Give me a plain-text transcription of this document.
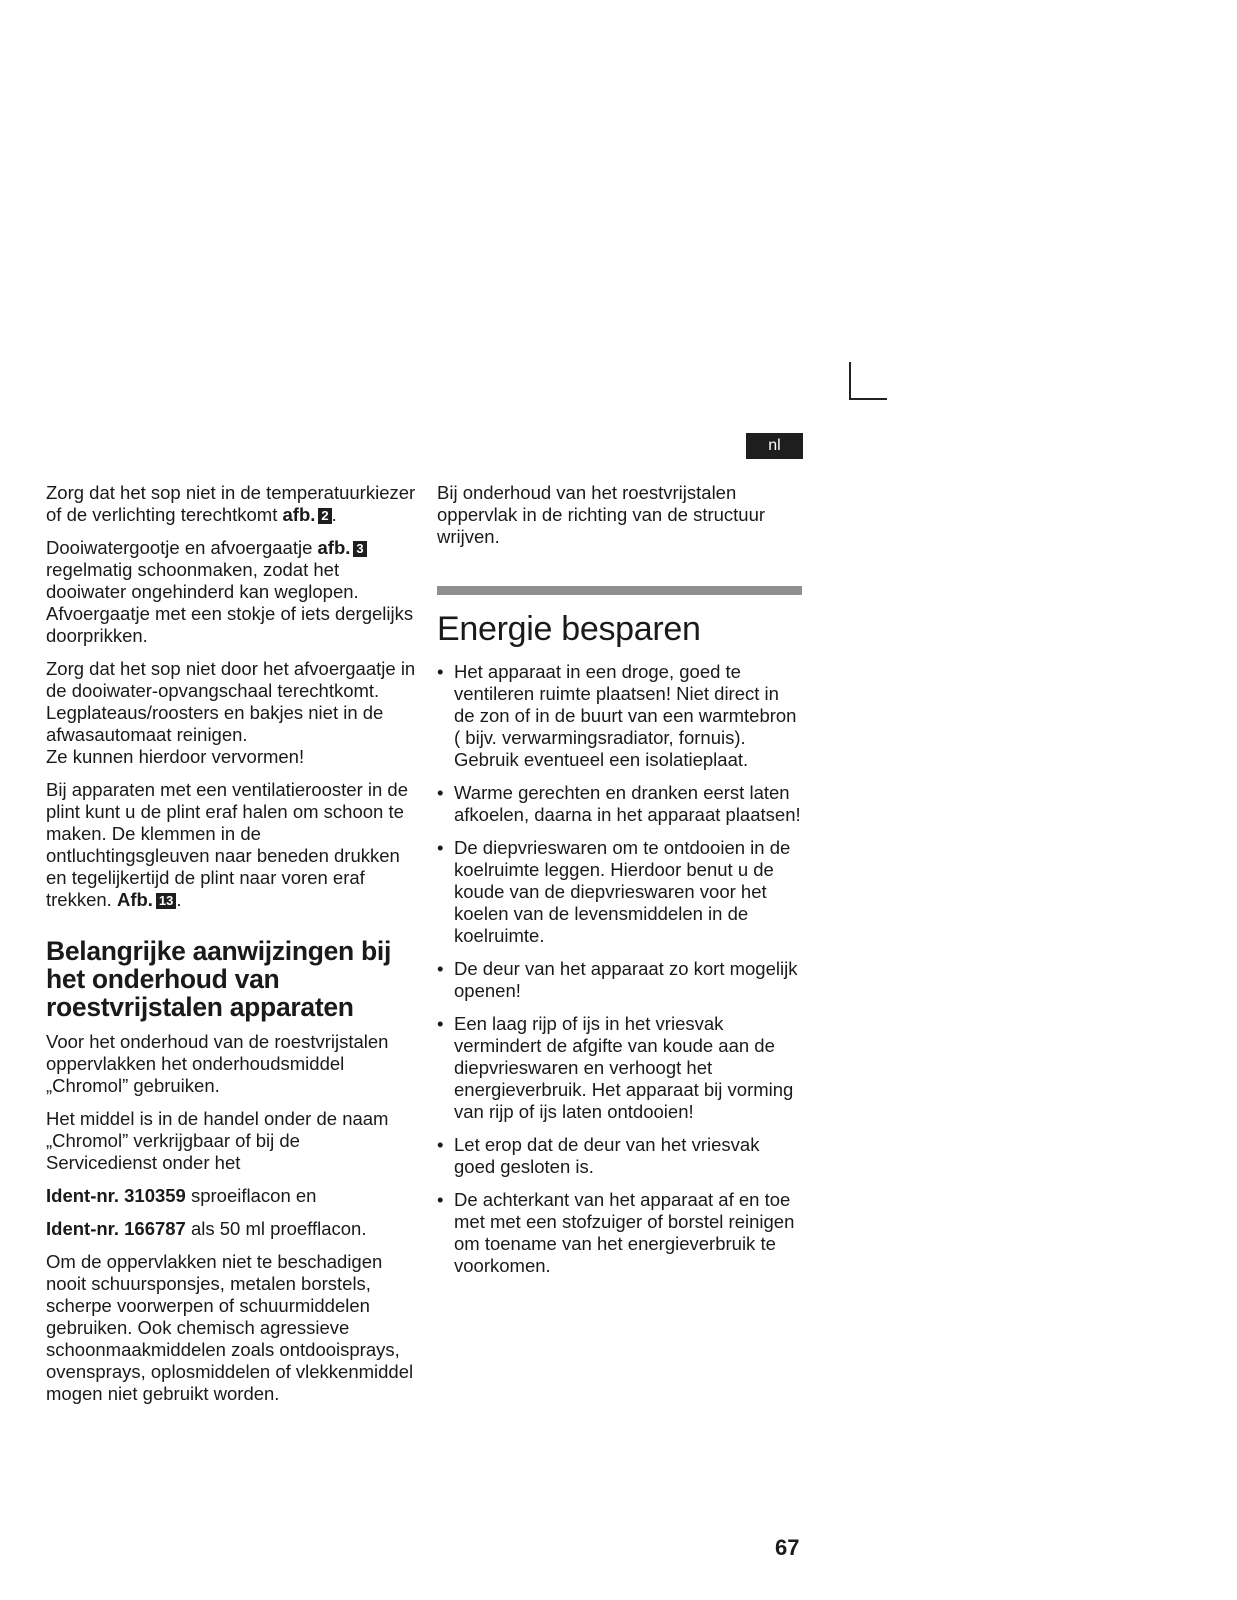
nl

Zorg dat het sop niet in de temperatuurkiezer of de verlichting terechtkomt afb. 2 .

Dooiwatergootje en afvoergaatje afb. 3 regelmatig schoonmaken, zodat het dooiwater ongehinderd kan weglopen. Afvoergaatje met een stokje of iets dergelijks doorprikken.

Zorg dat het sop niet door het afvoergaatje in de dooiwater-opvangschaal terechtkomt.
Legplateaus/roosters en bakjes niet in de afwasautomaat reinigen.
Ze kunnen hierdoor vervormen!

Bij apparaten met een ventilatierooster in de plint kunt u de plint eraf halen om schoon te maken. De klemmen in de ontluchtingsgleuven naar beneden drukken en tegelijkertijd de plint naar voren eraf trekken. Afb. 13 .

Belangrijke aanwijzingen bij het onderhoud van roestvrijstalen apparaten

Voor het onderhoud van de roestvrijstalen oppervlakken het onderhoudsmiddel „Chromol” gebruiken.

Het middel is in de handel onder de naam „Chromol” verkrijgbaar of bij de Servicedienst onder het

Ident-nr. 310359 sproeiflacon en

Ident-nr. 166787 als 50 ml proefflacon.

Om de oppervlakken niet te beschadigen nooit schuursponsjes, metalen borstels, scherpe voorwerpen of schuurmiddelen gebruiken. Ook chemisch agressieve schoonmaakmiddelen zoals ontdooisprays, ovensprays, oplosmiddelen of vlekkenmiddel mogen niet gebruikt worden.

Bij onderhoud van het roestvrijstalen oppervlak in de richting van de structuur wrijven.

Energie besparen
• Het apparaat in een droge, goed te ventileren ruimte plaatsen! Niet direct in de zon of in de buurt van een warmtebron ( bijv. verwarmingsradiator, fornuis). Gebruik eventueel een isolatieplaat.
• Warme gerechten en dranken eerst laten afkoelen, daarna in het apparaat plaatsen!
• De diepvrieswaren om te ontdooien in de koelruimte leggen. Hierdoor benut u de koude van de diepvrieswaren voor het koelen van de levensmiddelen in de koelruimte.
• De deur van het apparaat zo kort mogelijk openen!
• Een laag rijp of ijs in het vriesvak vermindert de afgifte van koude aan de diepvrieswaren en verhoogt het energieverbruik. Het apparaat bij vorming van rijp of ijs laten ontdooien!
• Let erop dat de deur van het vriesvak goed gesloten is.
• De achterkant van het apparaat af en toe met met een stofzuiger of borstel reinigen om toename van het energieverbruik te voorkomen.
67
